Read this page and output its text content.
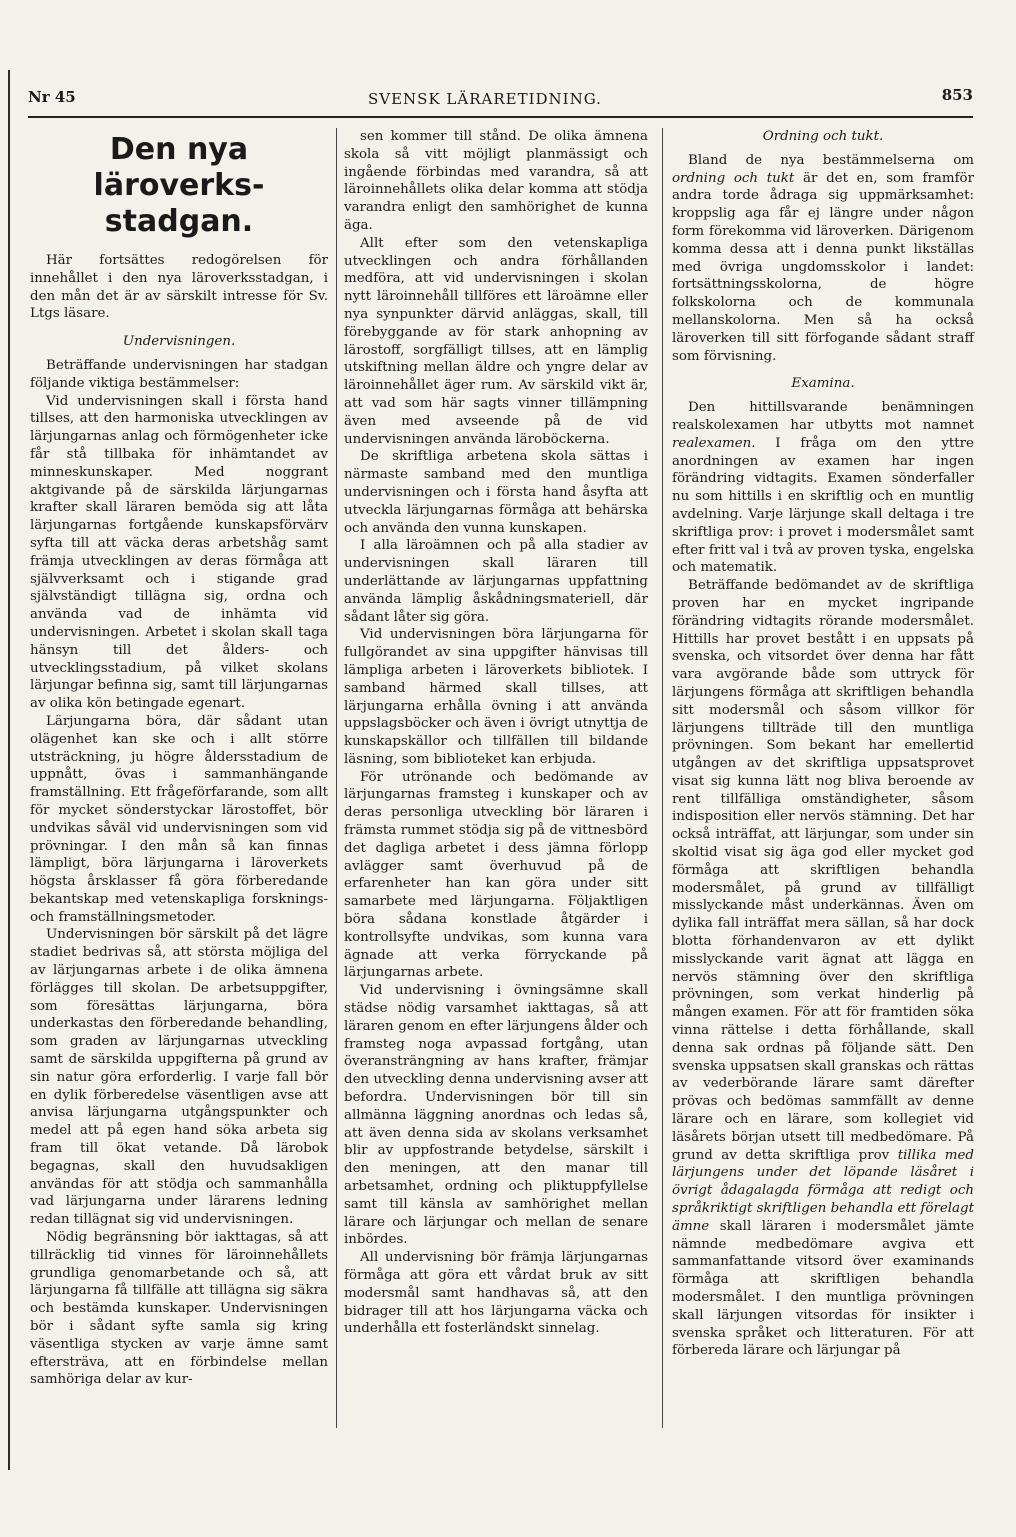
Nr 45	SVENSK LÄRARETIDNING.	853
Den nya läroverks-stadgan.

Här fortsättes redogörelsen för innehållet i den nya läroverksstadgan, i den mån det är av särskilt intresse för Sv. Ltgs läsare.

Undervisningen.

Beträffande undervisningen har stadgan följande viktiga bestämmelser:

Vid undervisningen skall i första hand tillses, att den harmoniska utvecklingen av lärjungarnas anlag och förmögenheter icke får stå tillbaka för inhämtandet av minneskunskaper. Med noggrant aktgivande på de särskilda lärjungarnas krafter skall läraren bemöda sig att låta lärjungarnas fortgående kunskapsförvärv syfta till att väcka deras arbetshåg samt främja utvecklingen av deras förmåga att självverksamt och i stigande grad självständigt tillägna sig, ordna och använda vad de inhämta vid undervisningen. Arbetet i skolan skall taga hänsyn till det ålders- och utvecklingsstadium, på vilket skolans lärjungar befinna sig, samt till lärjungarnas av olika kön betingade egenart.

Lärjungarna böra, där sådant utan olägenhet kan ske och i allt större utsträckning, ju högre åldersstadium de uppnått, övas i sammanhängande framställning. Ett frågeförfarande, som allt för mycket sönderstyckar lärostoffet, bör undvikas såväl vid undervisningen som vid prövningar. I den mån så kan finnas lämpligt, böra lärjungarna i läroverkets högsta årsklasser få göra förberedande bekantskap med vetenskapliga forsknings- och framställningsmetoder.

Undervisningen bör särskilt på det lägre stadiet bedrivas så, att största möjliga del av lärjungarnas arbete i de olika ämnena förlägges till skolan. De arbetsuppgifter, som föresättas lärjungarna, böra underkastas den förberedande behandling, som graden av lärjungarnas utveckling samt de särskilda uppgifterna på grund av sin natur göra erforderlig. I varje fall bör en dylik förberedelse väsentligen avse att anvisa lärjungarna utgångspunkter och medel att på egen hand söka arbeta sig fram till ökat vetande. Då lärobok begagnas, skall den huvudsakligen användas för att stödja och sammanhålla vad lärjungarna under lärarens ledning redan tillägnat sig vid undervisningen.

Nödig begränsning bör iakttagas, så att tillräcklig tid vinnes för läroinnehållets grundliga genomarbetande och så, att lärjungarna få tillfälle att tillägna sig säkra och bestämda kunskaper. Undervisningen bör i sådant syfte samla sig kring väsentliga stycken av varje ämne samt eftersträva, att en förbindelse mellan samhöriga delar av kur-

sen kommer till stånd. De olika ämnena skola så vitt möjligt planmässigt och ingående förbindas med varandra, så att läroinnehållets olika delar komma att stödja varandra enligt den samhörighet de kunna äga.

Allt efter som den vetenskapliga utvecklingen och andra förhållanden medföra, att vid undervisningen i skolan nytt läroinnehåll tillföres ett läroämne eller nya synpunkter därvid anläggas, skall, till förebyggande av för stark anhopning av lärostoff, sorgfälligt tillses, att en lämplig utskiftning mellan äldre och yngre delar av läroinnehållet äger rum. Av särskild vikt är, att vad som här sagts vinner tillämpning även med avseende på de vid undervisningen använda läroböckerna.

De skriftliga arbetena skola sättas i närmaste samband med den muntliga undervisningen och i första hand åsyfta att utveckla lärjungarnas förmåga att behärska och använda den vunna kunskapen.

I alla läroämnen och på alla stadier av undervisningen skall läraren till underlättande av lärjungarnas uppfattning använda lämplig åskådningsmateriell, där sådant låter sig göra.

Vid undervisningen böra lärjungarna för fullgörandet av sina uppgifter hänvisas till lämpliga arbeten i läroverkets bibliotek. I samband härmed skall tillses, att lärjungarna erhålla övning i att använda uppslagsböcker och även i övrigt utnyttja de kunskapskällor och tillfällen till bildande läsning, som biblioteket kan erbjuda.

För utrönande och bedömande av lärjungarnas framsteg i kunskaper och av deras personliga utveckling bör läraren i främsta rummet stödja sig på de vittnesbörd det dagliga arbetet i dess jämna förlopp avlägger samt överhuvud på de erfarenheter han kan göra under sitt samarbete med lärjungarna. Följaktligen böra sådana konstlade åtgärder i kontrollsyfte undvikas, som kunna vara ägnade att verka förryckande på lärjungarnas arbete.

Vid undervisning i övningsämne skall städse nödig varsamhet iakttagas, så att läraren genom en efter lärjungens ålder och framsteg noga avpassad fortgång, utan överansträngning av hans krafter, främjar den utveckling denna undervisning avser att befordra. Undervisningen bör till sin allmänna läggning anordnas och ledas så, att även denna sida av skolans verksamhet blir av uppfostrande betydelse, särskilt i den meningen, att den manar till arbetsamhet, ordning och pliktuppfyllelse samt till känsla av samhörighet mellan lärare och lärjungar och mellan de senare inbördes.

All undervisning bör främja lärjungarnas förmåga att göra ett vårdat bruk av sitt modersmål samt handhavas så, att den bidrager till att hos lärjungarna väcka och underhålla ett fosterländskt sinnelag.

Ordning och tukt.

Bland de nya bestämmelserna om ordning och tukt är det en, som framför andra torde ådraga sig uppmärksamhet: kroppslig aga får ej längre under någon form förekomma vid läroverken. Därigenom komma dessa att i denna punkt likställas med övriga ungdomsskolor i landet: fortsättningsskolorna, de högre folkskolorna och de kommunala mellanskolorna. Men så ha också läroverken till sitt förfogande sådant straff som förvisning.

Examina.

Den hittillsvarande benämningen realskolexamen har utbytts mot namnet realexamen. I fråga om den yttre anordningen av examen har ingen förändring vidtagits. Examen sönderfaller nu som hittills i en skriftlig och en muntlig avdelning. Varje lärjunge skall deltaga i tre skriftliga prov: i provet i modersmålet samt efter fritt val i två av proven tyska, engelska och matematik.

Beträffande bedömandet av de skriftliga proven har en mycket ingripande förändring vidtagits rörande modersmålet. Hittills har provet bestått i en uppsats på svenska, och vitsordet över denna har fått vara avgörande både som uttryck för lärjungens förmåga att skriftligen behandla sitt modersmål och såsom villkor för lärjungens tillträde till den muntliga prövningen. Som bekant har emellertid utgången av det skriftliga uppsatsprovet visat sig kunna lätt nog bliva beroende av rent tillfälliga omständigheter, såsom indisposition eller nervös stämning. Det har också inträffat, att lärjungar, som under sin skoltid visat sig äga god eller mycket god förmåga att skriftligen behandla modersmålet, på grund av tillfälligt misslyckande måst underkännas. Även om dylika fall inträffat mera sällan, så har dock blotta förhandenvaron av ett dylikt misslyckande varit ägnat att lägga en nervös stämning över den skriftliga prövningen, som verkat hinderlig på mången examen. För att för framtiden söka vinna rättelse i detta förhållande, skall denna sak ordnas på följande sätt. Den svenska uppsatsen skall granskas och rättas av vederbörande lärare samt därefter prövas och bedömas sammfällt av denne lärare och en lärare, som kollegiet vid läsårets början utsett till medbedömare. På grund av detta skriftliga prov tillika med lärjungens under det löpande läsåret i övrigt ådagalagda förmåga att redigt och språkriktigt skriftligen behandla ett förelagt ämne skall läraren i modersmålet jämte nämnde medbedömare avgiva ett sammanfattande vitsord över examinands förmåga att skriftligen behandla modersmålet. I den muntliga prövningen skall lärjungen vitsordas för insikter i svenska språket och litteraturen. För att förbereda lärare och lärjungar på
